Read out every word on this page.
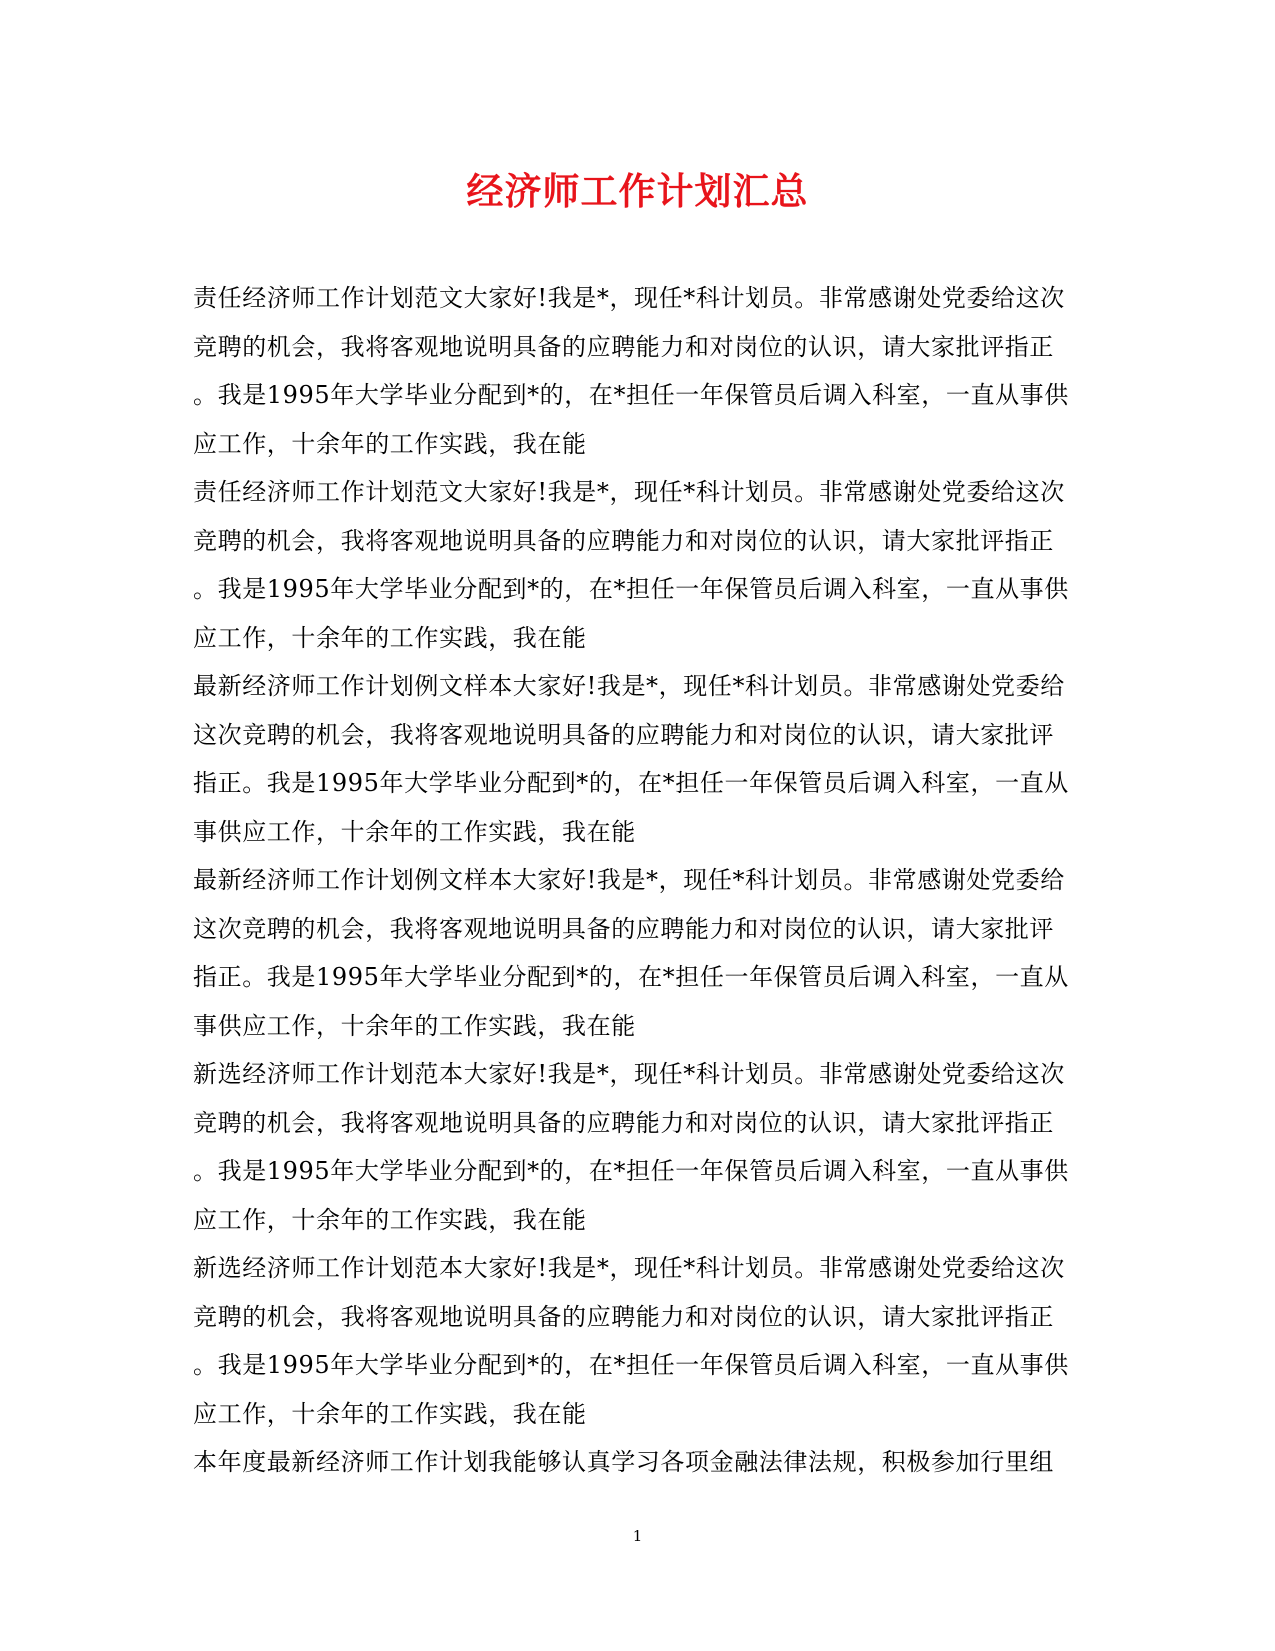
经济师工作计划汇总
责任经济师工作计划范文大家好!我是*，现任*科计划员。非常感谢处党委给这次
竞聘的机会，我将客观地说明具备的应聘能力和对岗位的认识，请大家批评指正
。我是1995年大学毕业分配到*的，在*担任一年保管员后调入科室，一直从事供
应工作，十余年的工作实践，我在能
责任经济师工作计划范文大家好!我是*，现任*科计划员。非常感谢处党委给这次
竞聘的机会，我将客观地说明具备的应聘能力和对岗位的认识，请大家批评指正
。我是1995年大学毕业分配到*的，在*担任一年保管员后调入科室，一直从事供
应工作，十余年的工作实践，我在能
最新经济师工作计划例文样本大家好!我是*，现任*科计划员。非常感谢处党委给
这次竞聘的机会，我将客观地说明具备的应聘能力和对岗位的认识，请大家批评
指正。我是1995年大学毕业分配到*的，在*担任一年保管员后调入科室，一直从
事供应工作，十余年的工作实践，我在能
最新经济师工作计划例文样本大家好!我是*，现任*科计划员。非常感谢处党委给
这次竞聘的机会，我将客观地说明具备的应聘能力和对岗位的认识，请大家批评
指正。我是1995年大学毕业分配到*的，在*担任一年保管员后调入科室，一直从
事供应工作，十余年的工作实践，我在能
新选经济师工作计划范本大家好!我是*，现任*科计划员。非常感谢处党委给这次
竞聘的机会，我将客观地说明具备的应聘能力和对岗位的认识，请大家批评指正
。我是1995年大学毕业分配到*的，在*担任一年保管员后调入科室，一直从事供
应工作，十余年的工作实践，我在能
新选经济师工作计划范本大家好!我是*，现任*科计划员。非常感谢处党委给这次
竞聘的机会，我将客观地说明具备的应聘能力和对岗位的认识，请大家批评指正
。我是1995年大学毕业分配到*的，在*担任一年保管员后调入科室，一直从事供
应工作，十余年的工作实践，我在能
本年度最新经济师工作计划我能够认真学习各项金融法律法规，积极参加行里组
1
